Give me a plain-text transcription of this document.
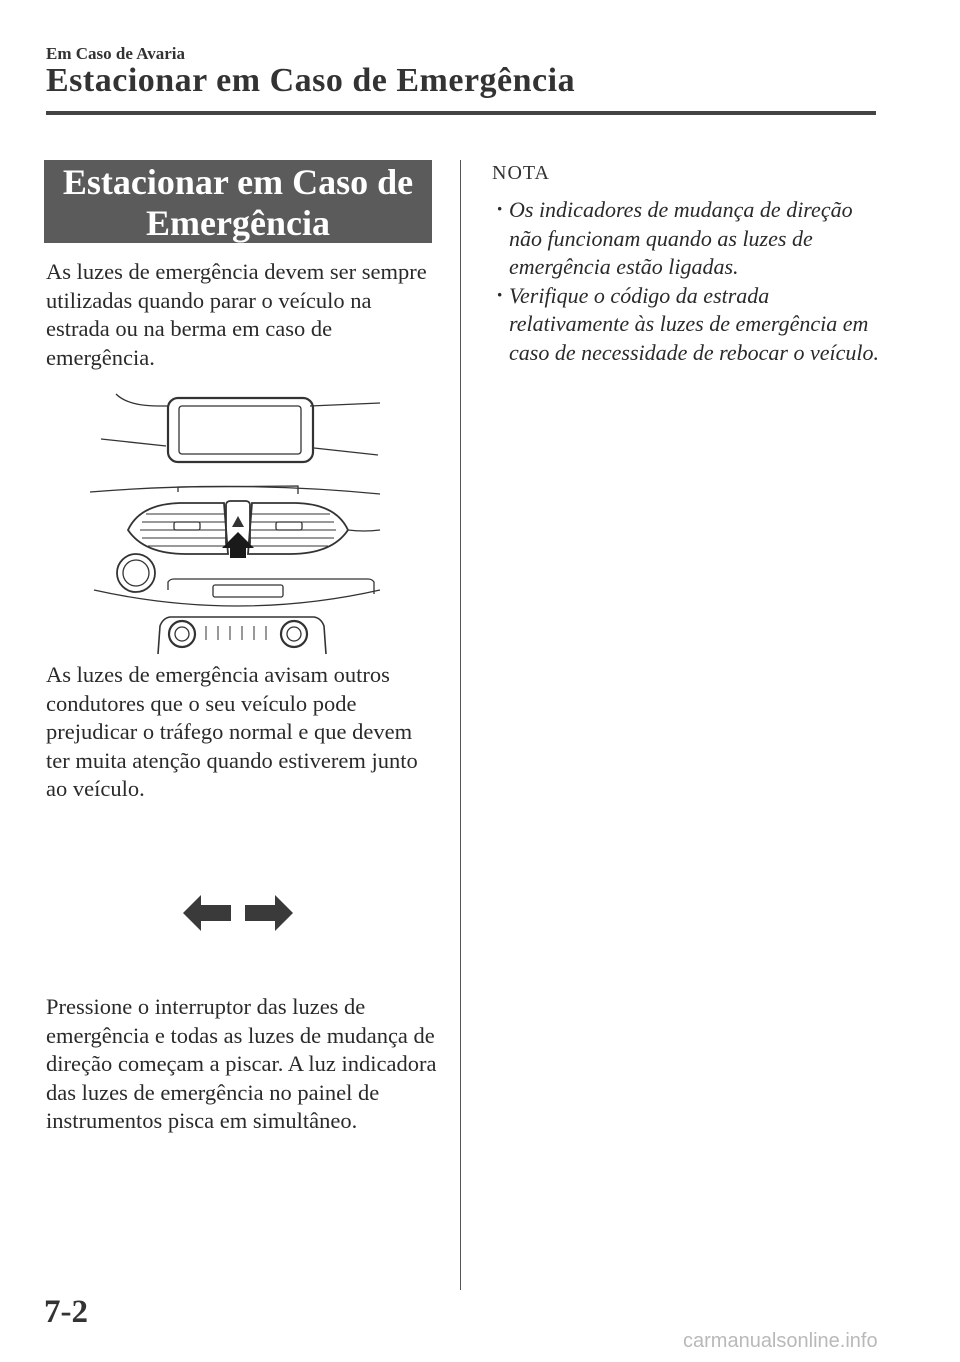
Em Caso de Avaria
Estacionar em Caso de Emergência
Estacionar em Caso de
Emergência
As luzes de emergência devem ser sempre utilizadas quando parar o veículo na estrada ou na berma em caso de emergência.
As luzes de emergência avisam outros condutores que o seu veículo pode prejudicar o tráfego normal e que devem ter muita atenção quando estiverem junto ao veículo.
Pressione o interruptor das luzes de emergência e todas as luzes de mudança de direção começam a piscar. A luz indicadora das luzes de emergência no painel de instrumentos pisca em simultâneo.
NOTA
· Os indicadores de mudança de direção não funcionam quando as luzes de emergência estão ligadas.
· Verifique o código da estrada relativamente às luzes de emergência em caso de necessidade de rebocar o veículo.
7-2
carmanualsonline.info
